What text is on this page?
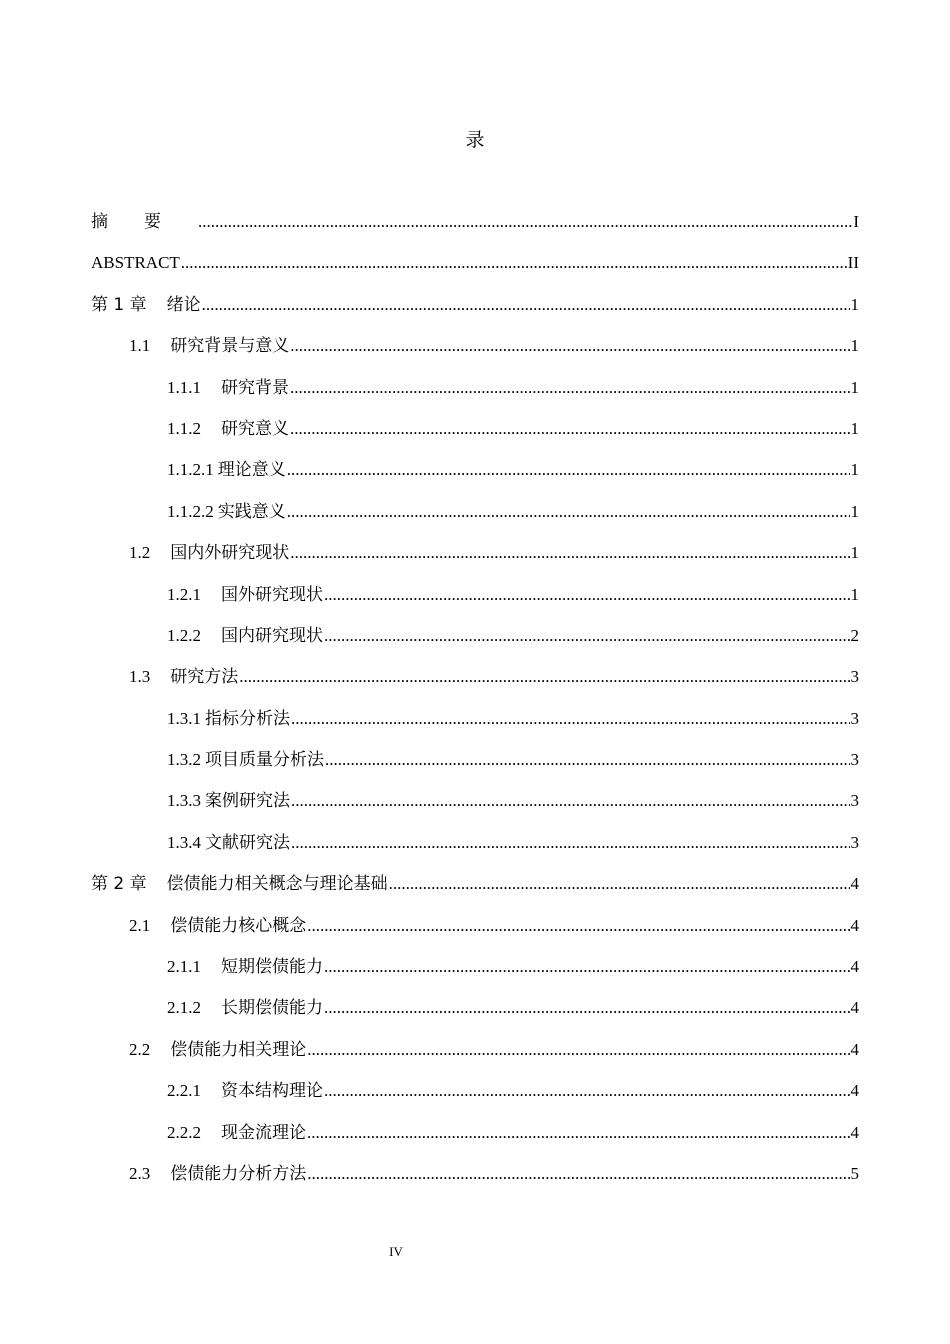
录
摘要 .....	I
ABSTRACT .....	II
第 1 章 绪论 .....	1
1.1 研究背景与意义 .....	1
1.1.1 研究背景 .....	1
1.1.2 研究意义 .....	1
1.1.2.1 理论意义 .....	1
1.1.2.2 实践意义 .....	1
1.2 国内外研究现状 .....	1
1.2.1 国外研究现状 .....	1
1.2.2 国内研究现状 .....	2
1.3 研究方法 .....	3
1.3.1 指标分析法 .....	3
1.3.2 项目质量分析法 .....	3
1.3.3 案例研究法 .....	3
1.3.4 文献研究法 .....	3
第 2 章 偿债能力相关概念与理论基础 .....	4
2.1 偿债能力核心概念 .....	4
2.1.1 短期偿债能力 .....	4
2.1.2 长期偿债能力 .....	4
2.2 偿债能力相关理论 .....	4
2.2.1 资本结构理论 .....	4
2.2.2 现金流理论 .....	4
2.3 偿债能力分析方法 .....	5
IV
